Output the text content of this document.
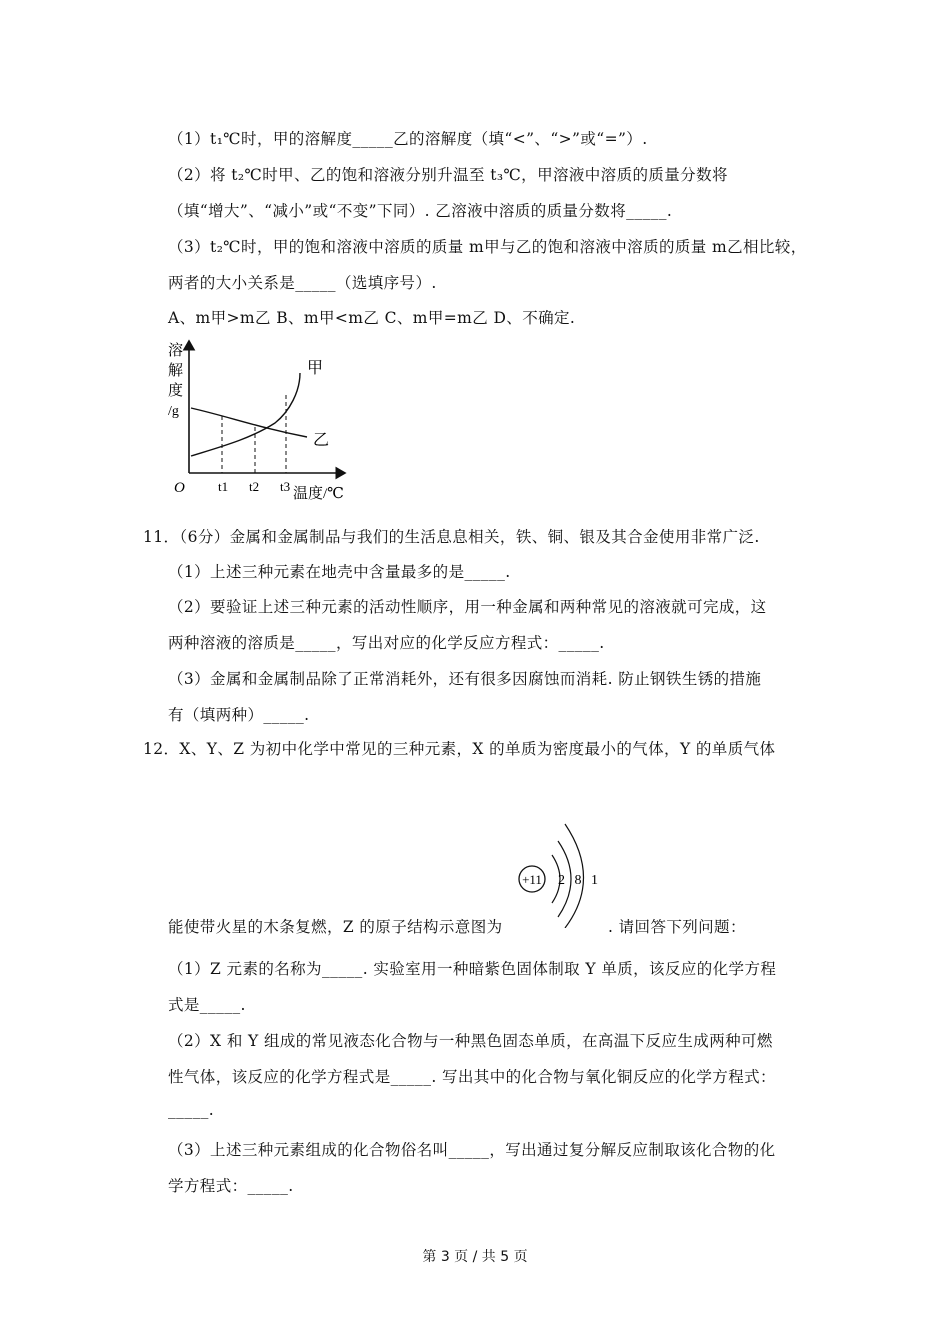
（1）t₁℃时，甲的溶解度_____乙的溶解度（填“<”、“>”或“=”）.
（2）将 t₂℃时甲、乙的饱和溶液分别升温至 t₃℃，甲溶液中溶质的质量分数将
（填“增大”、“减小”或“不变”下同）. 乙溶液中溶质的质量分数将_____.
（3）t₂℃时，甲的饱和溶液中溶质的质量 m甲与乙的饱和溶液中溶质的质量 m乙相比较，
两者的大小关系是_____（选填序号）.
A、m甲>m乙 B、m甲<m乙 C、m甲=m乙 D、不确定.
溶
解
度
/g
O	t1 t2 t3 温度/℃
甲
乙
11．（6分）金属和金属制品与我们的生活息息相关，铁、铜、银及其合金使用非常广泛.
（1）上述三种元素在地壳中含量最多的是_____.
（2）要验证上述三种元素的活动性顺序，用一种金属和两种常见的溶液就可完成，这
两种溶液的溶质是_____，写出对应的化学反应方程式：_____.
（3）金属和金属制品除了正常消耗外，还有很多因腐蚀而消耗. 防止钢铁生锈的措施
有（填两种）_____.
12．X、Y、Z 为初中化学中常见的三种元素，X 的单质为密度最小的气体，Y 的单质气体
+11 2 8 1
能使带火星的木条复燃，Z 的原子结构示意图为	. 请回答下列问题：
（1）Z 元素的名称为_____. 实验室用一种暗紫色固体制取 Y 单质，该反应的化学方程
式是_____.
（2）X 和 Y 组成的常见液态化合物与一种黑色固态单质，在高温下反应生成两种可燃
性气体，该反应的化学方程式是_____. 写出其中的化合物与氧化铜反应的化学方程式：
_____.
（3）上述三种元素组成的化合物俗名叫_____，写出通过复分解反应制取该化合物的化
学方程式：_____.
第 3 页 / 共 5 页
